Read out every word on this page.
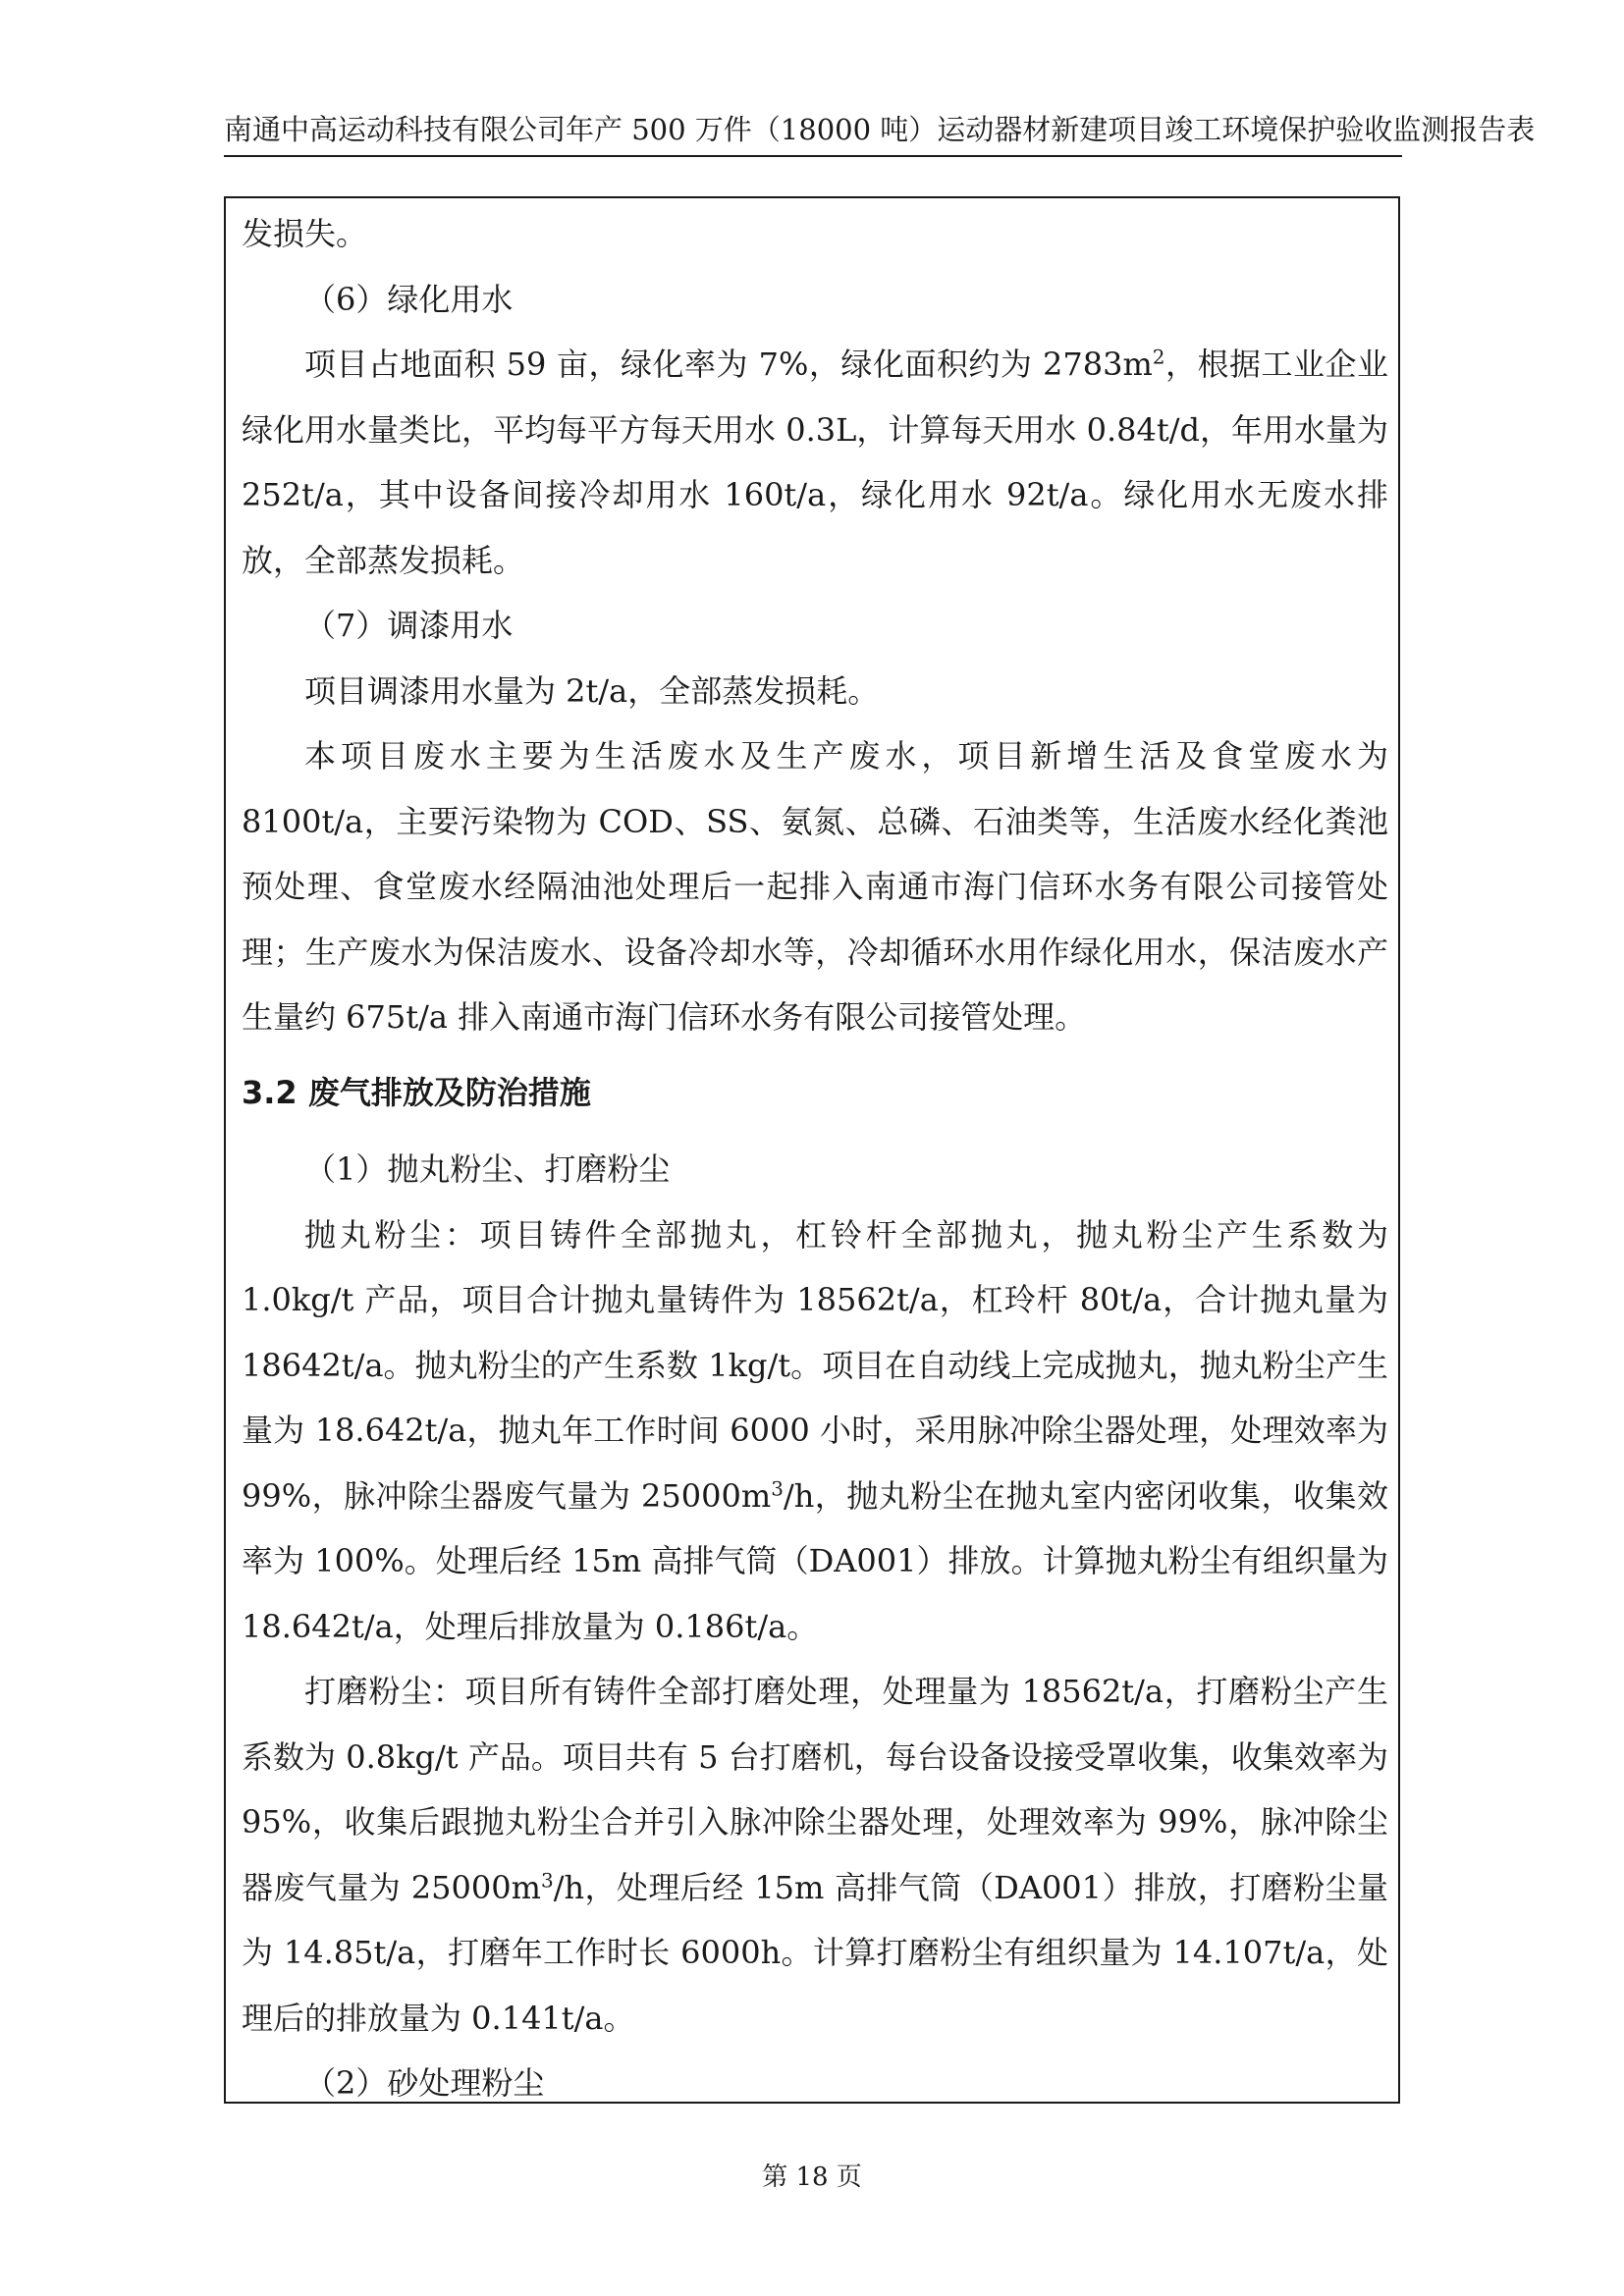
南通中高运动科技有限公司年产 500 万件（18000 吨）运动器材新建项目竣工环境保护验收监测报告表

发损失。

（6）绿化用水

项目占地面积 59 亩，绿化率为 7%，绿化面积约为 $2783m^2$，根据工业企业绿化用水量类比，平均每平方每天用水 0.3L，计算每天用水 0.84t/d，年用水量为 252t/a，其中设备间接冷却用水 160t/a，绿化用水 92t/a。绿化用水无废水排放，全部蒸发损耗。

（7）调漆用水

项目调漆用水量为 2t/a，全部蒸发损耗。

本项目废水主要为生活废水及生产废水，项目新增生活及食堂废水为 8100t/a，主要污染物为 COD、SS、氨氮、总磷、石油类等，生活废水经化粪池预处理、食堂废水经隔油池处理后一起排入南通市海门信环水务有限公司接管处理；生产废水为保洁废水、设备冷却水等，冷却循环水用作绿化用水，保洁废水产生量约 675t/a 排入南通市海门信环水务有限公司接管处理。

3.2 废气排放及防治措施

（1）抛丸粉尘、打磨粉尘

抛丸粉尘：项目铸件全部抛丸，杠铃杆全部抛丸，抛丸粉尘产生系数为 1.0kg/t 产品，项目合计抛丸量铸件为 18562t/a，杠玲杆 80t/a，合计抛丸量为 18642t/a。抛丸粉尘的产生系数 1kg/t。项目在自动线上完成抛丸，抛丸粉尘产生量为 18.642t/a，抛丸年工作时间 6000 小时，采用脉冲除尘器处理，处理效率为 99%，脉冲除尘器废气量为 $25000m^3/h$，抛丸粉尘在抛丸室内密闭收集，收集效率为 100%。处理后经 15m 高排气筒（DA001）排放。计算抛丸粉尘有组织量为 18.642t/a，处理后排放量为 0.186t/a。

打磨粉尘：项目所有铸件全部打磨处理，处理量为 18562t/a，打磨粉尘产生系数为 0.8kg/t 产品。项目共有 5 台打磨机，每台设备设接受罩收集，收集效率为 95%，收集后跟抛丸粉尘合并引入脉冲除尘器处理，处理效率为 99%，脉冲除尘器废气量为 $25000m^3/h$，处理后经 15m 高排气筒（DA001）排放，打磨粉尘量为 14.85t/a，打磨年工作时长 6000h。计算打磨粉尘有组织量为 14.107t/a，处理后的排放量为 0.141t/a。

（2）砂处理粉尘

第 18 页
